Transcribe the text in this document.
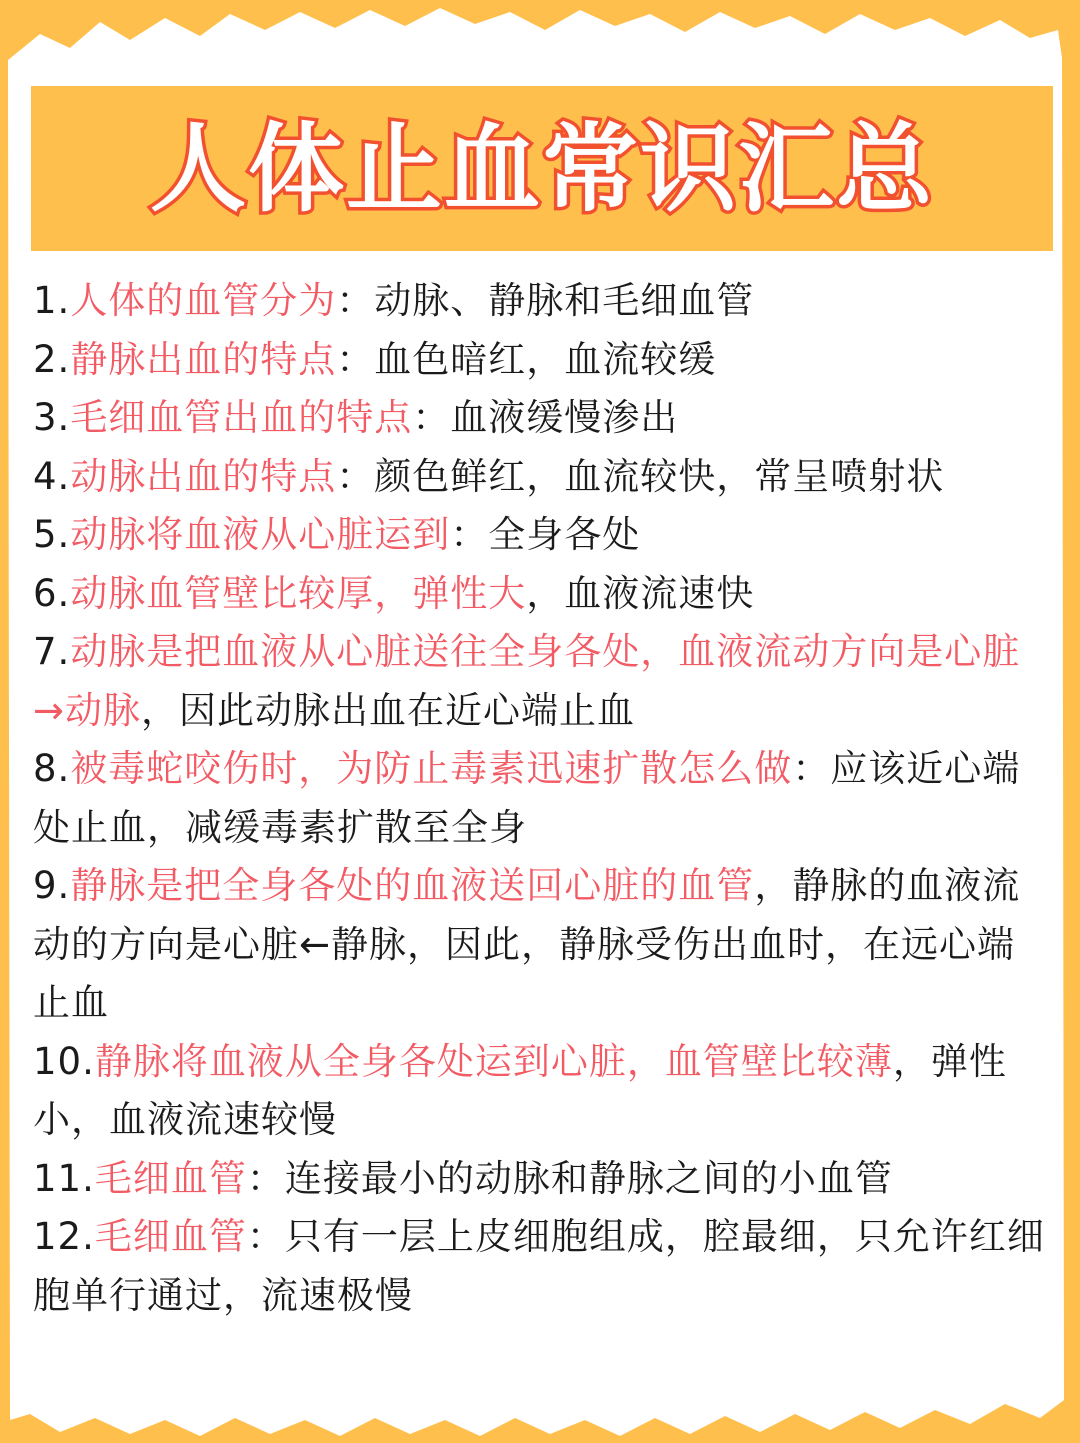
人体止血常识汇总

1.人体的血管分为：动脉、静脉和毛细血管

2.静脉出血的特点：血色暗红，血流较缓

3.毛细血管出血的特点：血液缓慢渗出

4.动脉出血的特点：颜色鲜红，血流较快，常呈喷射状

5.动脉将血液从心脏运到：全身各处

6.动脉血管壁比较厚，弹性大，血液流速快

7.动脉是把血液从心脏送往全身各处，血液流动方向是心脏→动脉，因此动脉出血在近心端止血

8.被毒蛇咬伤时，为防止毒素迅速扩散怎么做：应该近心端处止血，减缓毒素扩散至全身

9.静脉是把全身各处的血液送回心脏的血管，静脉的血液流动的方向是心脏←静脉，因此，静脉受伤出血时，在远心端止血

10.静脉将血液从全身各处运到心脏，血管壁比较薄，弹性小，血液流速较慢

11.毛细血管：连接最小的动脉和静脉之间的小血管

12.毛细血管：只有一层上皮细胞组成，腔最细，只允许红细胞单行通过，流速极慢
